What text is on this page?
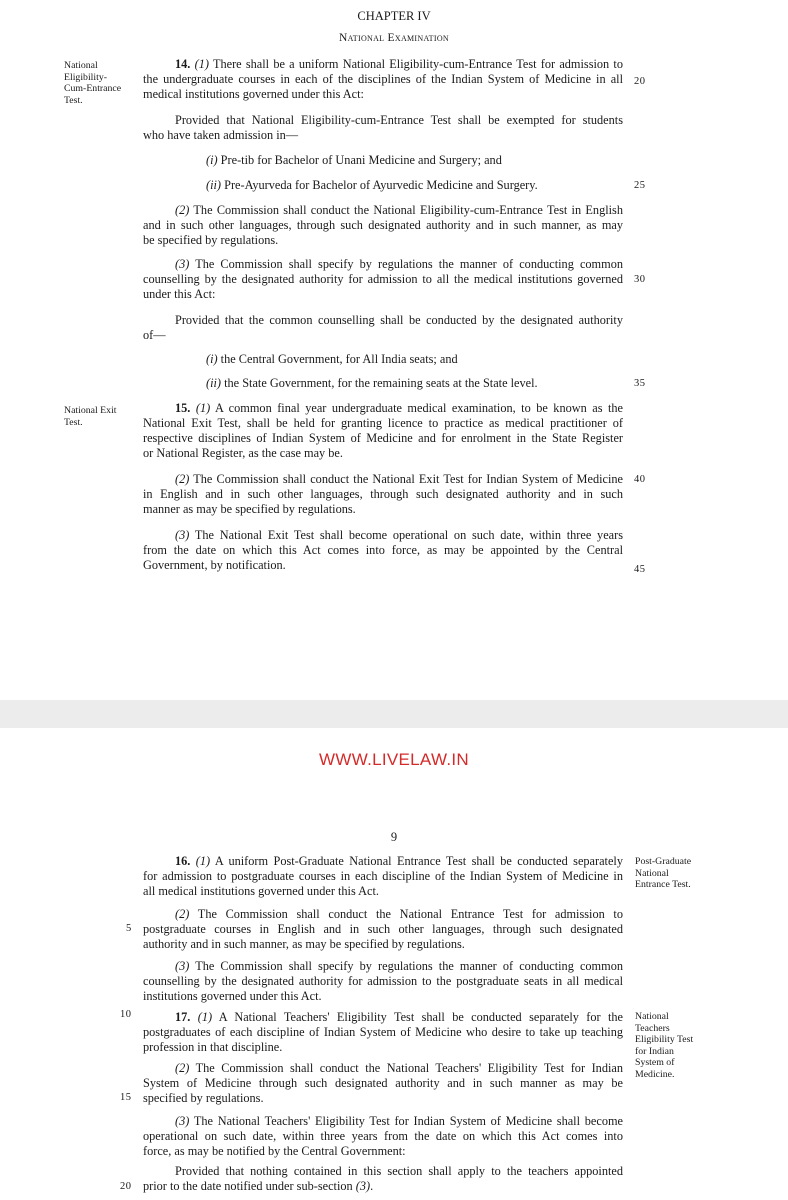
CHAPTER IV
National Examination
National
Eligibility-
Cum-Entrance
Test.
National Exit
Test.
20
25
30
35
40
45
14. (1) There shall be a uniform National Eligibility-cum-Entrance Test for admission to
the undergraduate courses in each of the disciplines of the Indian System of Medicine in all
medical institutions governed under this Act:
Provided that National Eligibility-cum-Entrance Test shall be exempted for students
who have taken admission in—
(i) Pre-tib for Bachelor of Unani Medicine and Surgery; and
(ii) Pre-Ayurveda for Bachelor of Ayurvedic Medicine and Surgery.
(2) The Commission shall conduct the National Eligibility-cum-Entrance Test in English
and in such other languages, through such designated authority and in such manner, as may
be specified by regulations.
(3) The Commission shall specify by regulations the manner of conducting common
counselling by the designated authority for admission to all the medical institutions governed
under this Act:
Provided that the common counselling shall be conducted by the designated authority
of—
(i) the Central Government, for All India seats; and
(ii) the State Government, for the remaining seats at the State level.
15. (1) A common final year undergraduate medical examination, to be known as the
National Exit Test, shall be held for granting licence to practice as medical practitioner of
respective disciplines of Indian System of Medicine and for enrolment in the State Register
or National Register, as the case may be.
(2) The Commission shall conduct the National Exit Test for Indian System of Medicine
in English and in such other languages, through such designated authority and in such
manner as may be specified by regulations.
(3) The National Exit Test shall become operational on such date, within three years
from the date on which this Act comes into force, as may be appointed by the Central
Government, by notification.
WWW.LIVELAW.IN
9
Post-Graduate
National
Entrance Test.
National
Teachers
Eligibility Test
for Indian
System of
Medicine.
5
10
15
20
16. (1) A uniform Post-Graduate National Entrance Test shall be conducted separately
for admission to postgraduate courses in each discipline of the Indian System of Medicine in
all medical institutions governed under this Act.
(2) The Commission shall conduct the National Entrance Test for admission to
postgraduate courses in English and in such other languages, through such designated
authority and in such manner, as may be specified by regulations.
(3) The Commission shall specify by regulations the manner of conducting common
counselling by the designated authority for admission to the postgraduate seats in all medical
institutions governed under this Act.
17. (1) A National Teachers' Eligibility Test shall be conducted separately for the
postgraduates of each discipline of Indian System of Medicine who desire to take up teaching
profession in that discipline.
(2) The Commission shall conduct the National Teachers' Eligibility Test for Indian
System of Medicine through such designated authority and in such manner as may be
specified by regulations.
(3) The National Teachers' Eligibility Test for Indian System of Medicine shall become
operational on such date, within three years from the date on which this Act comes into
force, as may be notified by the Central Government:
Provided that nothing contained in this section shall apply to the teachers appointed
prior to the date notified under sub-section (3).
